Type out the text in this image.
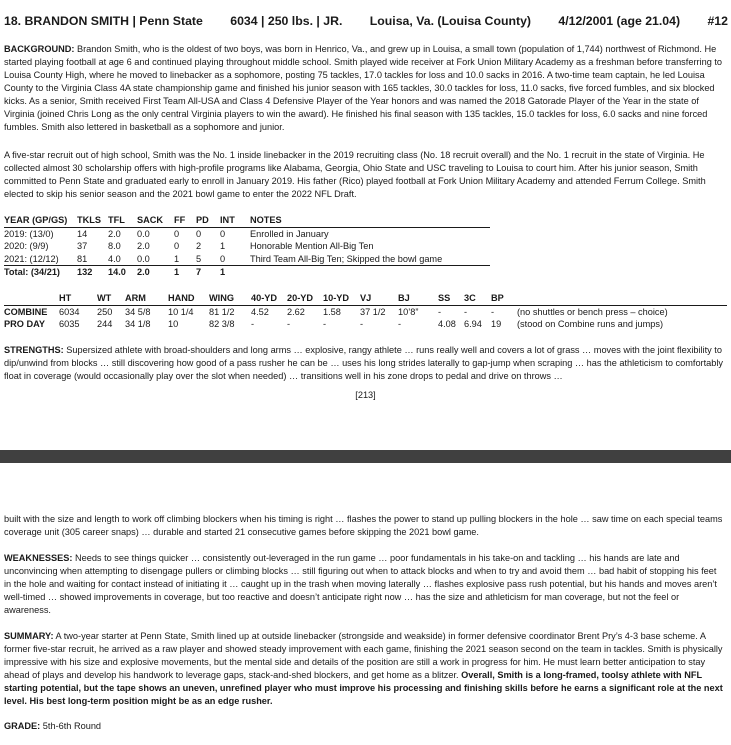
18. BRANDON SMITH | Penn State 6034 | 250 lbs. | JR. Louisa, Va. (Louisa County) 4/12/2001 (age 21.04) #12

BACKGROUND: Brandon Smith, who is the oldest of two boys, was born in Henrico, Va., and grew up in Louisa, a small town (population of 1,744) northwest of Richmond. He started playing football at age 6 and continued playing throughout middle school. Smith played wide receiver at Fork Union Military Academy as a freshman before transferring to Louisa County High, where he moved to linebacker as a sophomore, posting 75 tackles, 17.0 tackles for loss and 10.0 sacks in 2016. A two-time team captain, he led Louisa County to the Virginia Class 4A state championship game and finished his junior season with 165 tackles, 30.0 tackles for loss, 11.0 sacks, five forced fumbles, and six blocked kicks. As a senior, Smith received First Team All-USA and Class 4 Defensive Player of the Year honors and was named the 2018 Gatorade Player of the Year in the state of Virginia (joined Chris Long as the only central Virginia players to win the award). He finished his final season with 135 tackles, 15.0 tackles for loss, 6.0 sacks and nine forced fumbles. Smith also lettered in basketball as a sophomore and junior.

A five-star recruit out of high school, Smith was the No. 1 inside linebacker in the 2019 recruiting class (No. 18 recruit overall) and the No. 1 recruit in the state of Virginia. He collected almost 30 scholarship offers with high-profile programs like Alabama, Georgia, Ohio State and USC traveling to Louisa to court him. After his junior season, Smith committed to Penn State and graduated early to enroll in January 2019. His father (Rico) played football at Fork Union Military Academy and attended Ferrum College. Smith elected to skip his senior season and the 2021 bowl game to enter the 2022 NFL Draft.

YEAR (GP/GS)	TKLS	TFL	SACK	FF	PD	INT	NOTES
2019: (13/0)	14	2.0	0.0	0	0	0	Enrolled in January
2020: (9/9)	37	8.0	2.0	0	2	1	Honorable Mention All-Big Ten
2021: (12/12)	81	4.0	0.0	1	5	0	Third Team All-Big Ten; Skipped the bowl game
Total: (34/21)	132	14.0	2.0	1	7	1	
	HT	WT	ARM	HAND	WING	40-YD	20-YD	10-YD	VJ	BJ	SS	3C	BP	
COMBINE	6034	250	34 5/8	10 1/4	81 1/2	4.52	2.62	1.58	37 1/2	10’8”	-	-	-	(no shuttles or bench press – choice)
PRO DAY	6035	244	34 1/8	10	82 3/8	-	-	-	-	-	4.08	6.94	19	(stood on Combine runs and jumps)

STRENGTHS: Supersized athlete with broad-shoulders and long arms … explosive, rangy athlete … runs really well and covers a lot of grass … moves with the joint flexibility to dip/unwind from blocks … still discovering how good of a pass rusher he can be … uses his long strides laterally to gap-jump when scraping … has the athleticism to comfortably float in coverage (would occasionally play over the slot when needed) … transitions well in his zone drops to pedal and drive on throws …

[213]

built with the size and length to work off climbing blockers when his timing is right … flashes the power to stand up pulling blockers in the hole … saw time on each special teams coverage unit (305 career snaps) … durable and started 21 consecutive games before skipping the 2021 bowl game.

WEAKNESSES: Needs to see things quicker … consistently out-leveraged in the run game … poor fundamentals in his take-on and tackling … his hands are late and unconvincing when attempting to disengage pullers or climbing blocks … still figuring out when to attack blocks and when to try and avoid them … bad habit of stopping his feet in the hole and waiting for contact instead of initiating it … caught up in the trash when moving laterally … flashes explosive pass rush potential, but his hands and moves aren’t well-timed … showed improvements in coverage, but too reactive and doesn’t anticipate right now … has the size and athleticism for man coverage, but not the feel or awareness.

SUMMARY: A two-year starter at Penn State, Smith lined up at outside linebacker (strongside and weakside) in former defensive coordinator Brent Pry’s 4-3 base scheme. A former five-star recruit, he arrived as a raw player and showed steady improvement with each game, finishing the 2021 season second on the team in tackles. Smith is physically impressive with his size and explosive movements, but the mental side and details of the position are still a work in progress for him. He must learn better anticipation to stay ahead of plays and develop his handwork to leverage gaps, stack-and-shed blockers, and get home as a blitzer. Overall, Smith is a long-framed, toolsy athlete with NFL starting potential, but the tape shows an uneven, unrefined player who must improve his processing and finishing skills before he earns a significant role at the next level. His best long-term position might be as an edge rusher.

GRADE: 5th-6th Round
